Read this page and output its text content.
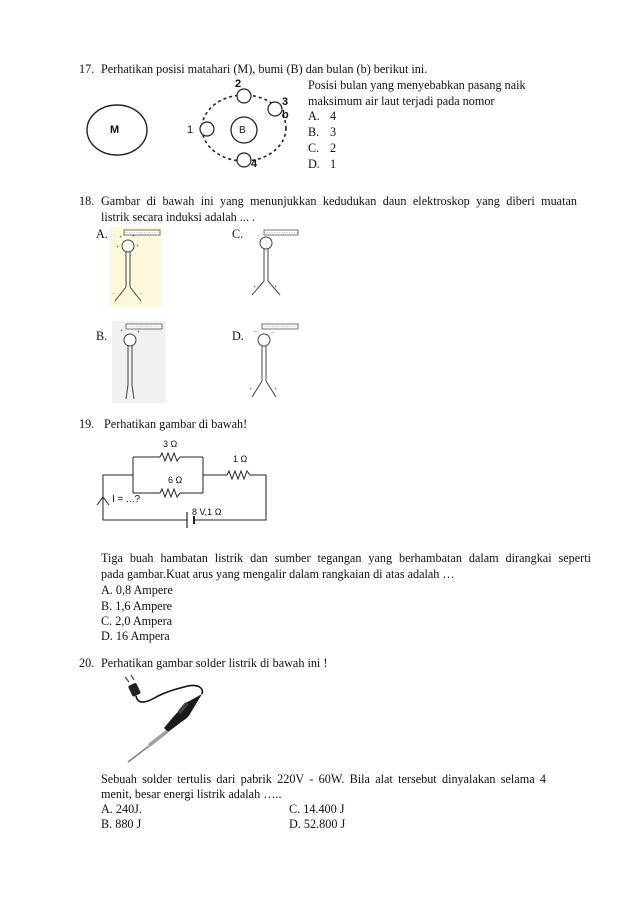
17. Perhatikan posisi matahari (M), bumi (B) dan bulan (b) berikut ini.
M	B
1
2
3
b
4
Posisi bulan yang menyebabkan pasang naik
maksimum air laut terjadi pada nomor
A. 4
B. 3
C. 2
D. 1
18. Gambar di bawah ini yang menunjukkan kedudukan daun elektroskop yang diberi muatan
listrik secara induksi adalah ... .
A.	C.
B.	D.
+ +
+
+
–	–
· ·
+	+
+ +	– –
+	+
19. Perhatikan gambar di bawah!
3 Ω
1 Ω
6 Ω
I = ...?
8 V,1 Ω
Tiga buah hambatan listrik dan sumber tegangan yang berhambatan dalam dirangkai seperti
pada gambar.Kuat arus yang mengalir dalam rangkaian di atas adalah …
A. 0,8 Ampere
B. 1,6 Ampere
C. 2,0 Ampera
D. 16 Ampera
20. Perhatikan gambar solder listrik di bawah ini !
Sebuah solder tertulis dari pabrik 220V - 60W. Bila alat tersebut dinyalakan selama 4
menit, besar energi listrik adalah …..
A. 240J.	C. 14.400 J
B. 880 J	D. 52.800 J
